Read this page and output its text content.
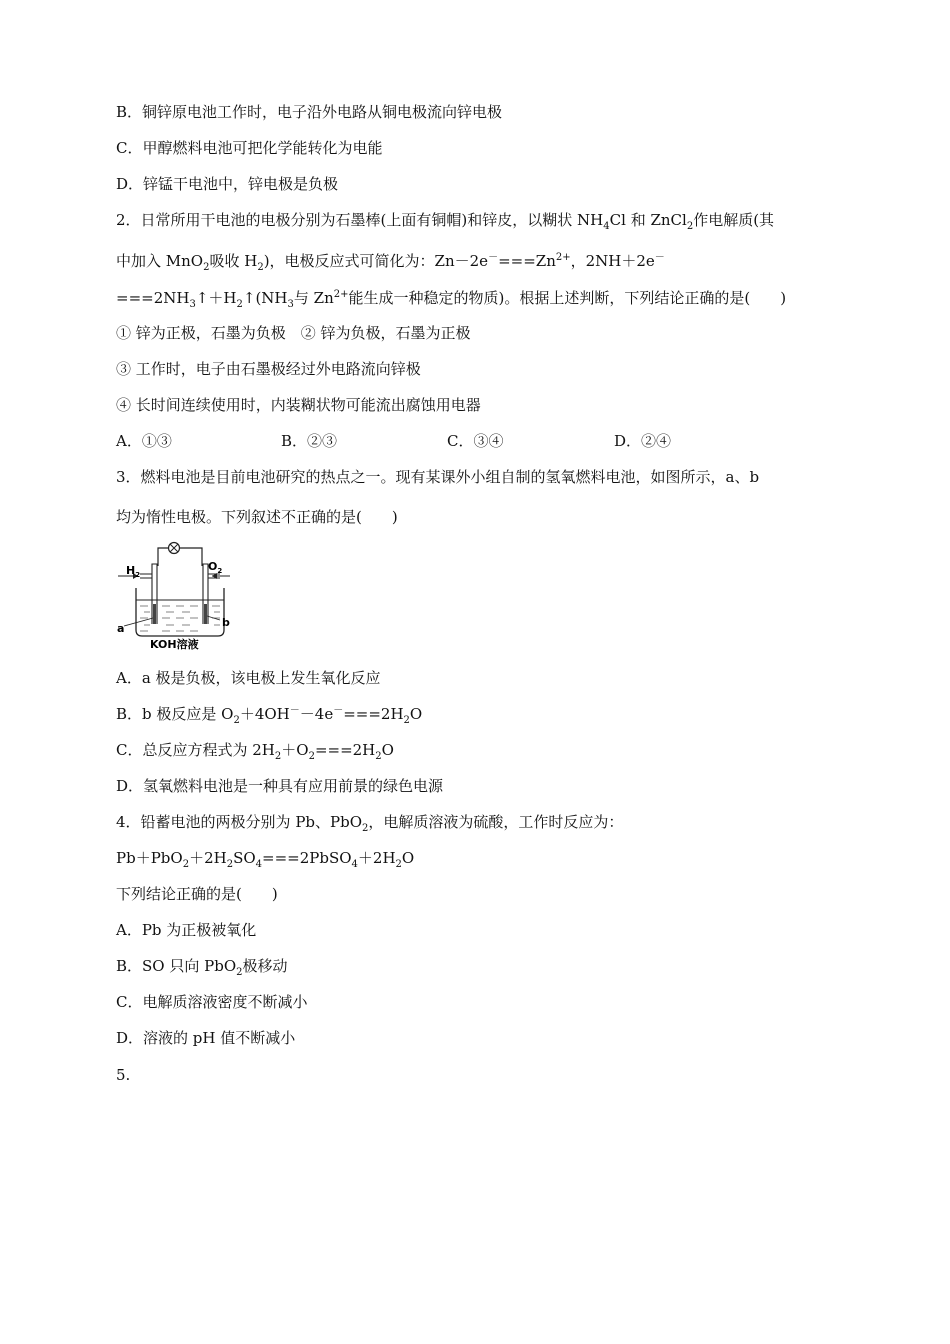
B．铜锌原电池工作时，电子沿外电路从铜电极流向锌电极
C．甲醇燃料电池可把化学能转化为电能
D．锌锰干电池中，锌电极是负极
2．日常所用干电池的电极分别为石墨棒(上面有铜帽)和锌皮，以糊状 $NH_4Cl$ 和 ZnCl$_2$作电解质(其
中加入 MnO$_2$吸收 $H_2$)，电极反应式可简化为：$Zn-2e^-===Zn^{2+}$，2NH＋2e－
$===2NH_3↑+H_2↑(NH_3$与 $Zn^{2+}$能生成一种稳定的物质)。根据上述判断，下列结论正确的是(　　)
① 锌为正极，石墨为负极　② 锌为负极，石墨为正极
③ 工作时，电子由石墨极经过外电路流向锌极
④ 长时间连续使用时，内装糊状物可能流出腐蚀用电器
A．①③	B．②③	C．③④	D．②④
3．燃料电池是目前电池研究的热点之一。现有某课外小组自制的氢氧燃料电池，如图所示，a、b
均为惰性电极。下列叙述不正确的是(　　)
$H_2$
$O_2$
a	b
KOH溶液
A．a 极是负极，该电极上发生氧化反应
B．b 极反应是 $O_2+4OH^--4e^-===2H_2O$
C．总反应方程式为 $2H_2+O_2===2H_2O$
D．氢氧燃料电池是一种具有应用前景的绿色电源
4．铅蓄电池的两极分别为 Pb、PbO$_2$，电解质溶液为硫酸，工作时反应为：
$Pb+PbO_2+2H_2SO_4===2PbSO_4+2H_2O$
下列结论正确的是(　　)
A．Pb 为正极被氧化
B．SO 只向 PbO$_2$极移动
C．电解质溶液密度不断减小
D．溶液的 pH 值不断减小
5.
